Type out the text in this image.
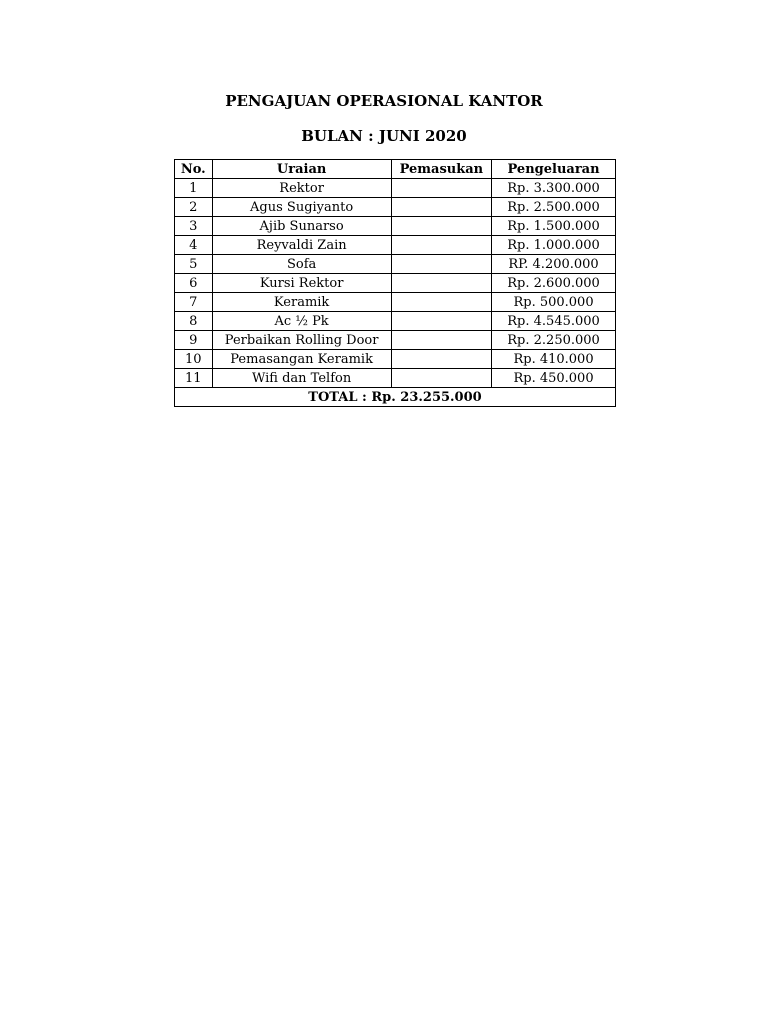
PENGAJUAN OPERASIONAL KANTOR
BULAN : JUNI 2020
No.	Uraian	Pemasukan	Pengeluaran
1	Rektor		Rp. 3.300.000
2	Agus Sugiyanto		Rp. 2.500.000
3	Ajib Sunarso		Rp. 1.500.000
4	Reyvaldi Zain		Rp. 1.000.000
5	Sofa		RP. 4.200.000
6	Kursi Rektor		Rp. 2.600.000
7	Keramik		Rp. 500.000
8	Ac ½ Pk		Rp. 4.545.000
9	Perbaikan Rolling Door		Rp. 2.250.000
10	Pemasangan Keramik		Rp. 410.000
11	Wifi dan Telfon		Rp. 450.000
TOTAL : Rp. 23.255.000			
